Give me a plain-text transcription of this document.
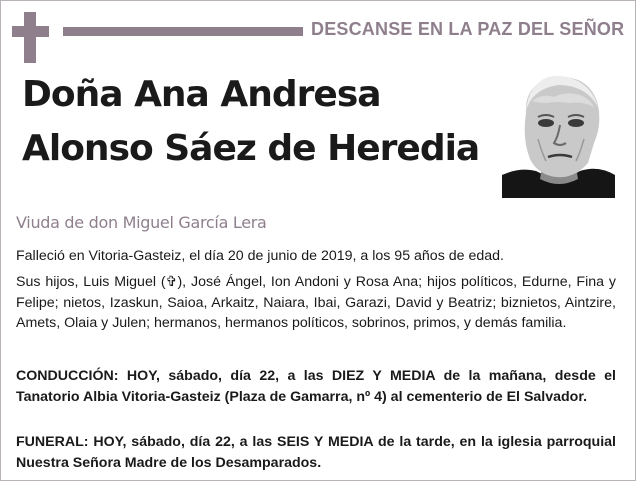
DESCANSE EN LA PAZ DEL SEÑOR
Doña Ana Andresa
Alonso Sáez de Heredia
Viuda de don Miguel García Lera

Falleció en Vitoria-Gasteiz, el día 20 de junio de 2019, a los 95 años de edad.

Sus hijos, Luis Miguel (✞), José Ángel, Ion Andoni y Rosa Ana; hijos políticos, Edurne, Fina y Felipe; nietos, Izaskun, Saioa, Arkaitz, Naiara, Ibai, Garazi, David y Beatriz; biznietos, Aintzire, Amets, Olaia y Julen; hermanos, hermanos políticos, sobrinos, primos, y demás familia.

CONDUCCIÓN: HOY, sábado, día 22, a las DIEZ Y MEDIA de la mañana, desde el Tanatorio Albia Vitoria-Gasteiz (Plaza de Gamarra, nº 4) al cementerio de El Salvador.

FUNERAL: HOY, sábado, día 22, a las SEIS Y MEDIA de la tarde, en la iglesia parroquial Nuestra Señora Madre de los Desamparados.
